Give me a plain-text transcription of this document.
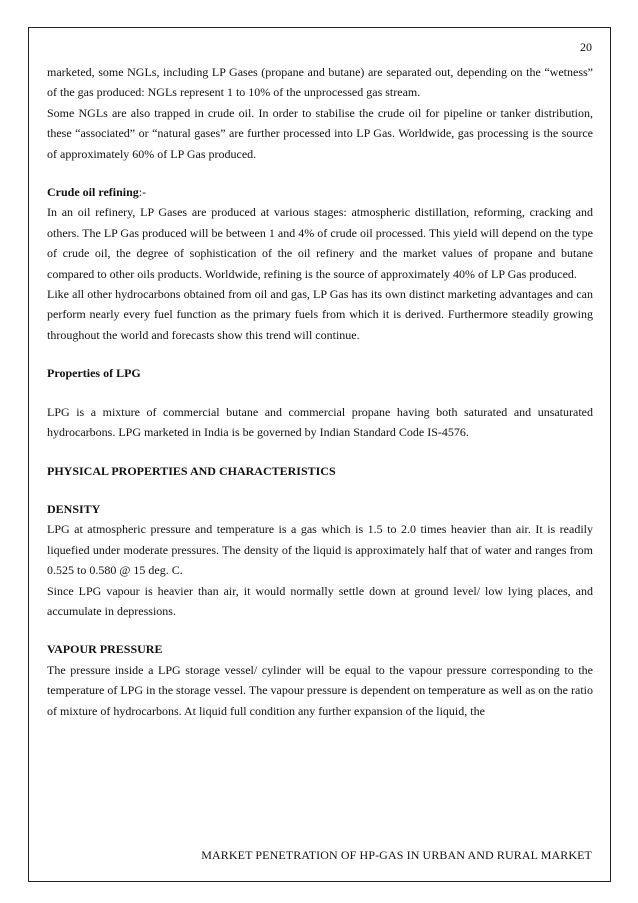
20

marketed, some NGLs, including LP Gases (propane and butane) are separated out, depending on the “wetness” of the gas produced: NGLs represent 1 to 10% of the unprocessed gas stream.

Some NGLs are also trapped in crude oil. In order to stabilise the crude oil for pipeline or tanker distribution, these “associated” or “natural gases” are further processed into LP Gas. Worldwide, gas processing is the source of approximately 60% of LP Gas produced.

Crude oil refining:-

In an oil refinery, LP Gases are produced at various stages: atmospheric distillation, reforming, cracking and others. The LP Gas produced will be between 1 and 4% of crude oil processed. This yield will depend on the type of crude oil, the degree of sophistication of the oil refinery and the market values of propane and butane compared to other oils products. Worldwide, refining is the source of approximately 40% of LP Gas produced.

Like all other hydrocarbons obtained from oil and gas, LP Gas has its own distinct marketing advantages and can perform nearly every fuel function as the primary fuels from which it is derived. Furthermore steadily growing throughout the world and forecasts show this trend will continue.

Properties of LPG

LPG is a mixture of commercial butane and commercial propane having both saturated and unsaturated hydrocarbons. LPG marketed in India is be governed by Indian Standard Code IS-4576.

PHYSICAL PROPERTIES AND CHARACTERISTICS

DENSITY

LPG at atmospheric pressure and temperature is a gas which is 1.5 to 2.0 times heavier than air. It is readily liquefied under moderate pressures. The density of the liquid is approximately half that of water and ranges from 0.525 to 0.580 @ 15 deg. C.

Since LPG vapour is heavier than air, it would normally settle down at ground level/ low lying places, and accumulate in depressions.

VAPOUR PRESSURE

The pressure inside a LPG storage vessel/ cylinder will be equal to the vapour pressure corresponding to the temperature of LPG in the storage vessel. The vapour pressure is dependent on temperature as well as on the ratio of mixture of hydrocarbons. At liquid full condition any further expansion of the liquid, the

MARKET PENETRATION OF HP-GAS IN URBAN AND RURAL MARKET
